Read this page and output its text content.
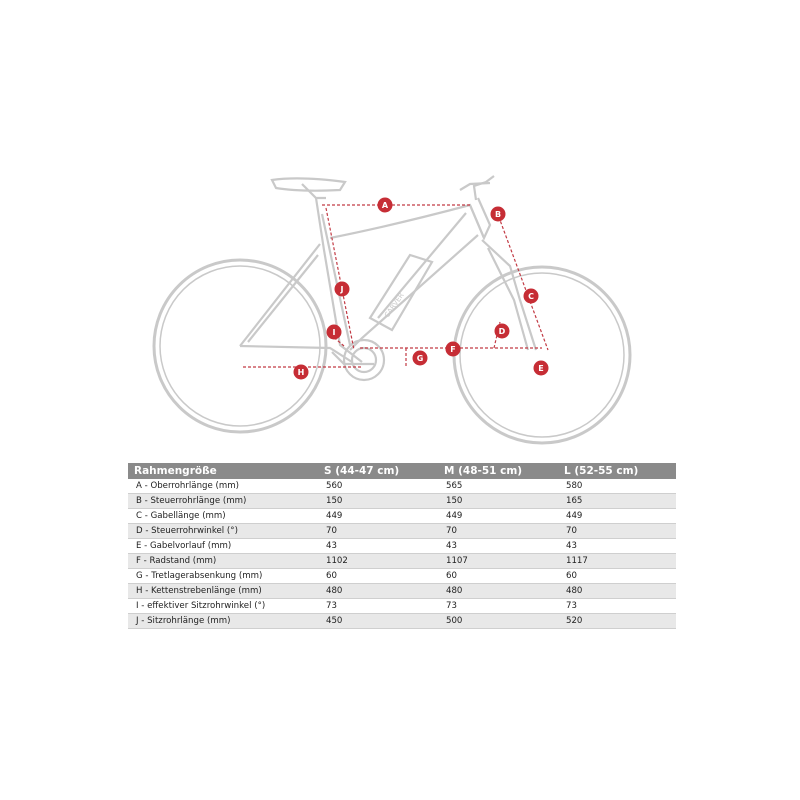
CARVER
A
B
C
D
E
F
G
H
I
J
Rahmengröße	S (44-47 cm)	M (48-51 cm)	L (52-55 cm)
A - Oberrohrlänge (mm)	560	565	580
B - Steuerrohrlänge (mm)	150	150	165
C - Gabellänge (mm)	449	449	449
D - Steuerrohrwinkel (°)	70	70	70
E - Gabelvorlauf (mm)	43	43	43
F - Radstand (mm)	1102	1107	1117
G - Tretlagerabsenkung (mm)	60	60	60
H - Kettenstrebenlänge (mm)	480	480	480
I - effektiver Sitzrohrwinkel (°)	73	73	73
J - Sitzrohrlänge (mm)	450	500	520
